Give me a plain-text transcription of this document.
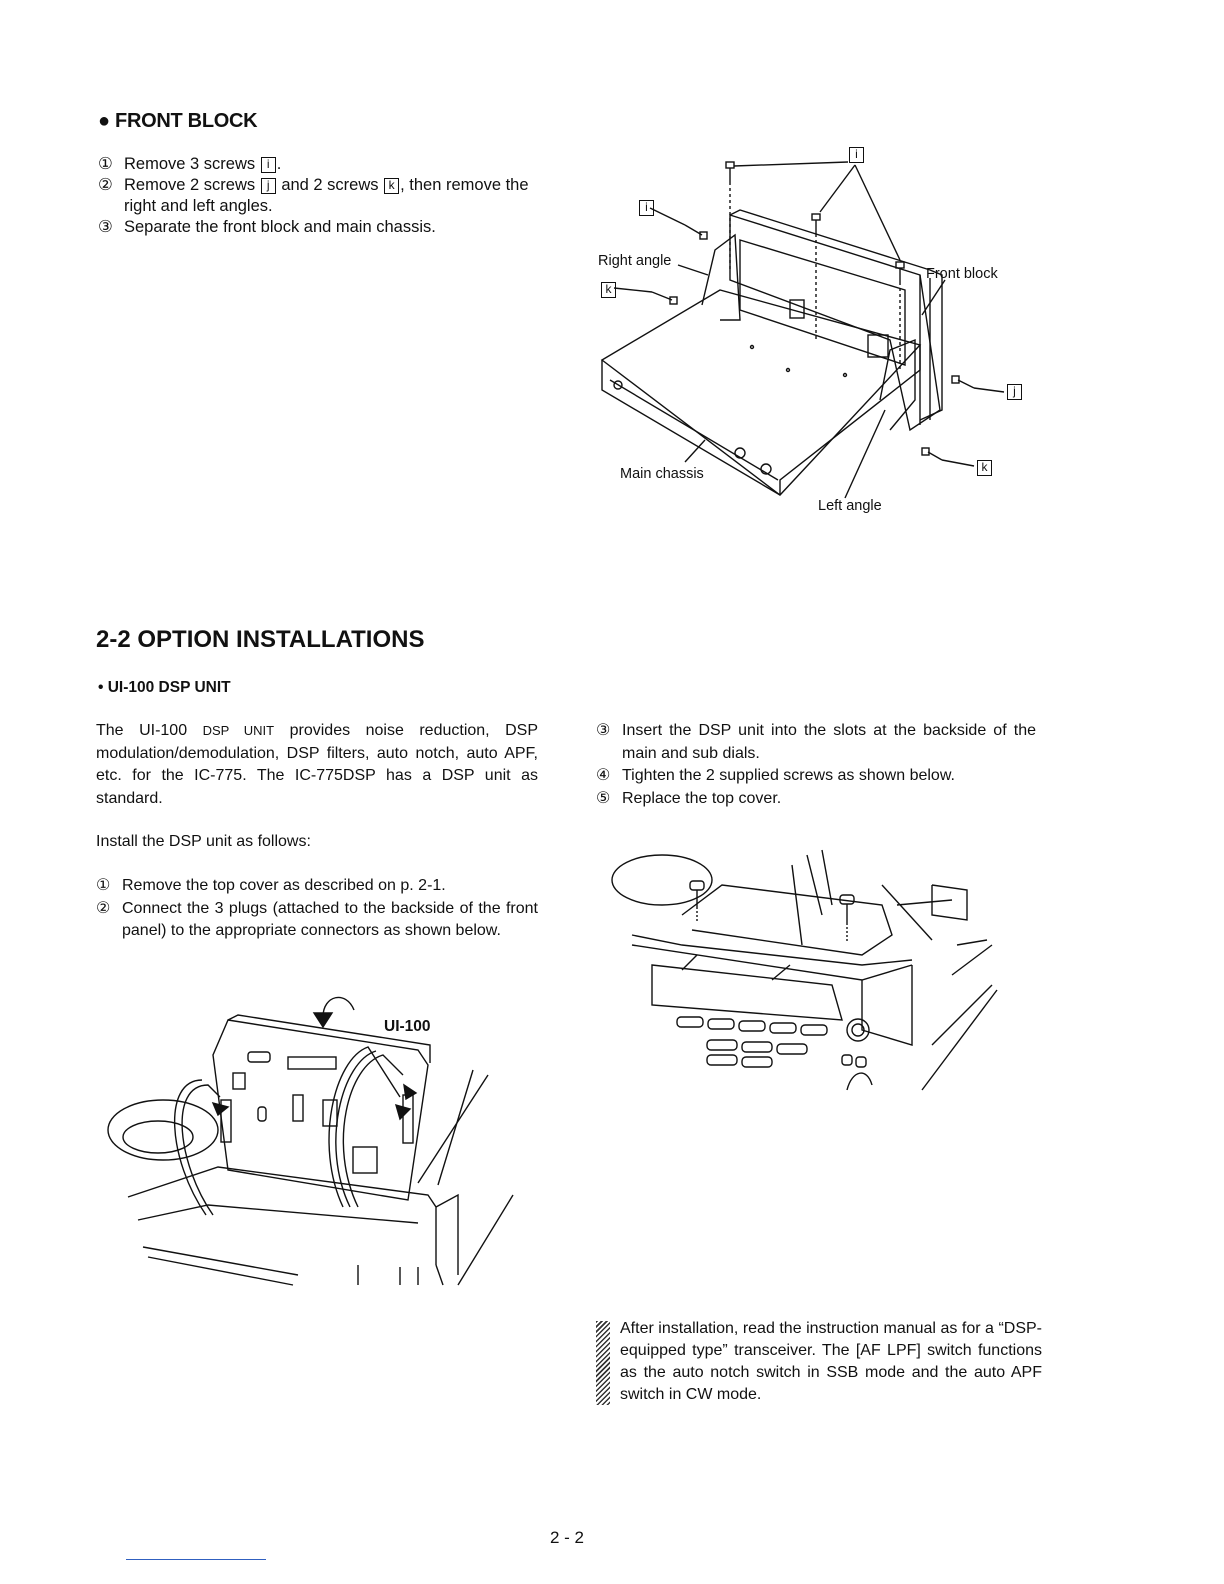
● FRONT BLOCK
① Remove 3 screws i .
② Remove 2 screws j and 2 screws k , then remove the right and left angles.
③ Separate the front block and main chassis.
i
i
k
j
k
Right angle
Front block
Main chassis
Left angle
2-2 OPTION INSTALLATIONS
• UI-100 DSP UNIT
The UI-100 DSP UNIT provides noise reduction, DSP modulation/demodulation, DSP filters, auto notch, auto APF, etc. for the IC-775. The IC-775DSP has a DSP unit as standard.
Install the DSP unit as follows:
① Remove the top cover as described on p. 2-1.
② Connect the 3 plugs (attached to the backside of the front panel) to the appropriate connectors as shown below.
③ Insert the DSP unit into the slots at the backside of the main and sub dials.
④ Tighten the 2 supplied screws as shown below.
⑤ Replace the top cover.
UI-100
After installation, read the instruction manual as for a “DSP-equipped type” transceiver. The [AF LPF] switch functions as the auto notch switch in SSB mode and the auto APF switch in CW mode.
2 - 2
